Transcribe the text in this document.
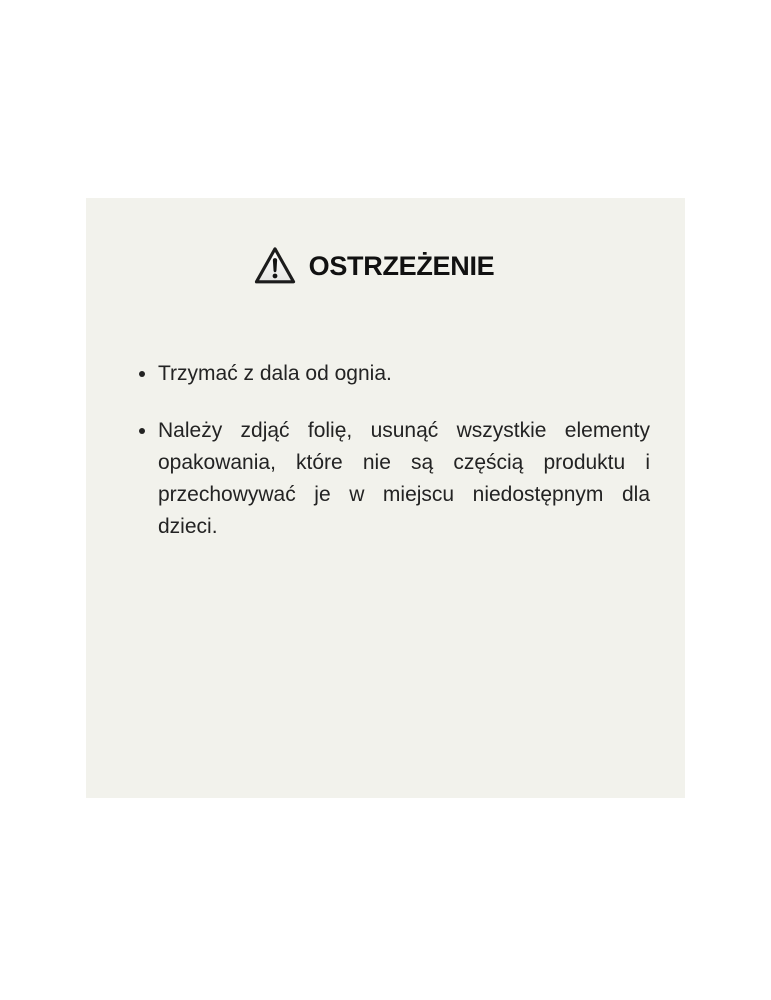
OSTRZEŻENIE
• Trzymać z dala od ognia.
• Należy zdjąć folię, usunąć wszystkie elementy opakowania, które nie są częścią produktu i przechowywać je w miejscu niedostępnym dla dzieci.
